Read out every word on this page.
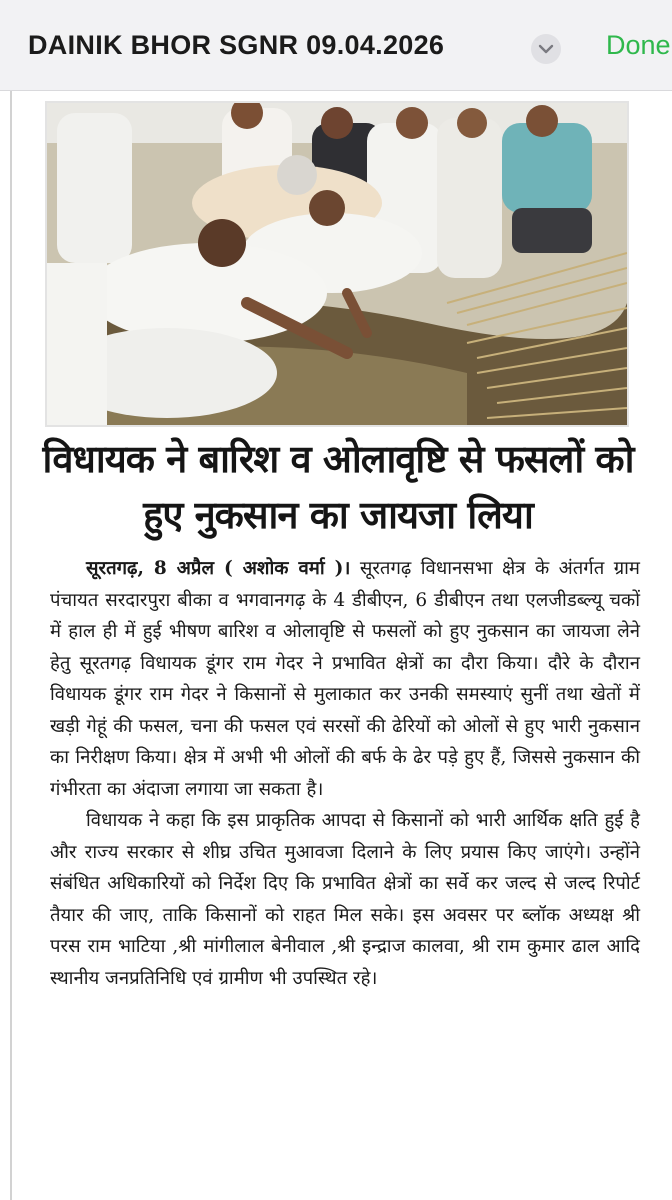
DAINIK BHOR SGNR 09.04.2026	Done
विधायक ने बारिश व ओलावृष्टि से फसलों को हुए नुकसान का जायजा लिया

सूरतगढ़, 8 अप्रैल ( अशोक वर्मा )। सूरतगढ़ विधानसभा क्षेत्र के अंतर्गत ग्राम पंचायत सरदारपुरा बीका व भगवानगढ़ के 4 डीबीएन, 6 डीबीएन तथा एलजीडब्ल्यू चकों में हाल ही में हुई भीषण बारिश व ओलावृष्टि से फसलों को हुए नुकसान का जायजा लेने हेतु सूरतगढ़ विधायक डूंगर राम गेदर ने प्रभावित क्षेत्रों का दौरा किया। दौरे के दौरान विधायक डूंगर राम गेदर ने किसानों से मुलाकात कर उनकी समस्याएं सुनीं तथा खेतों में खड़ी गेहूं की फसल, चना की फसल एवं सरसों की ढेरियों को ओलों से हुए भारी नुकसान का निरीक्षण किया। क्षेत्र में अभी भी ओलों की बर्फ के ढेर पड़े हुए हैं, जिससे नुकसान की गंभीरता का अंदाजा लगाया जा सकता है।

विधायक ने कहा कि इस प्राकृतिक आपदा से किसानों को भारी आर्थिक क्षति हुई है और राज्य सरकार से शीघ्र उचित मुआवजा दिलाने के लिए प्रयास किए जाएंगे। उन्होंने संबंधित अधिकारियों को निर्देश दिए कि प्रभावित क्षेत्रों का सर्वे कर जल्द से जल्द रिपोर्ट तैयार की जाए, ताकि किसानों को राहत मिल सके। इस अवसर पर ब्लॉक अध्यक्ष श्री परस राम भाटिया ,श्री मांगीलाल बेनीवाल ,श्री इन्द्राज कालवा, श्री राम कुमार ढाल आदि स्थानीय जनप्रतिनिधि एवं ग्रामीण भी उपस्थित रहे।
